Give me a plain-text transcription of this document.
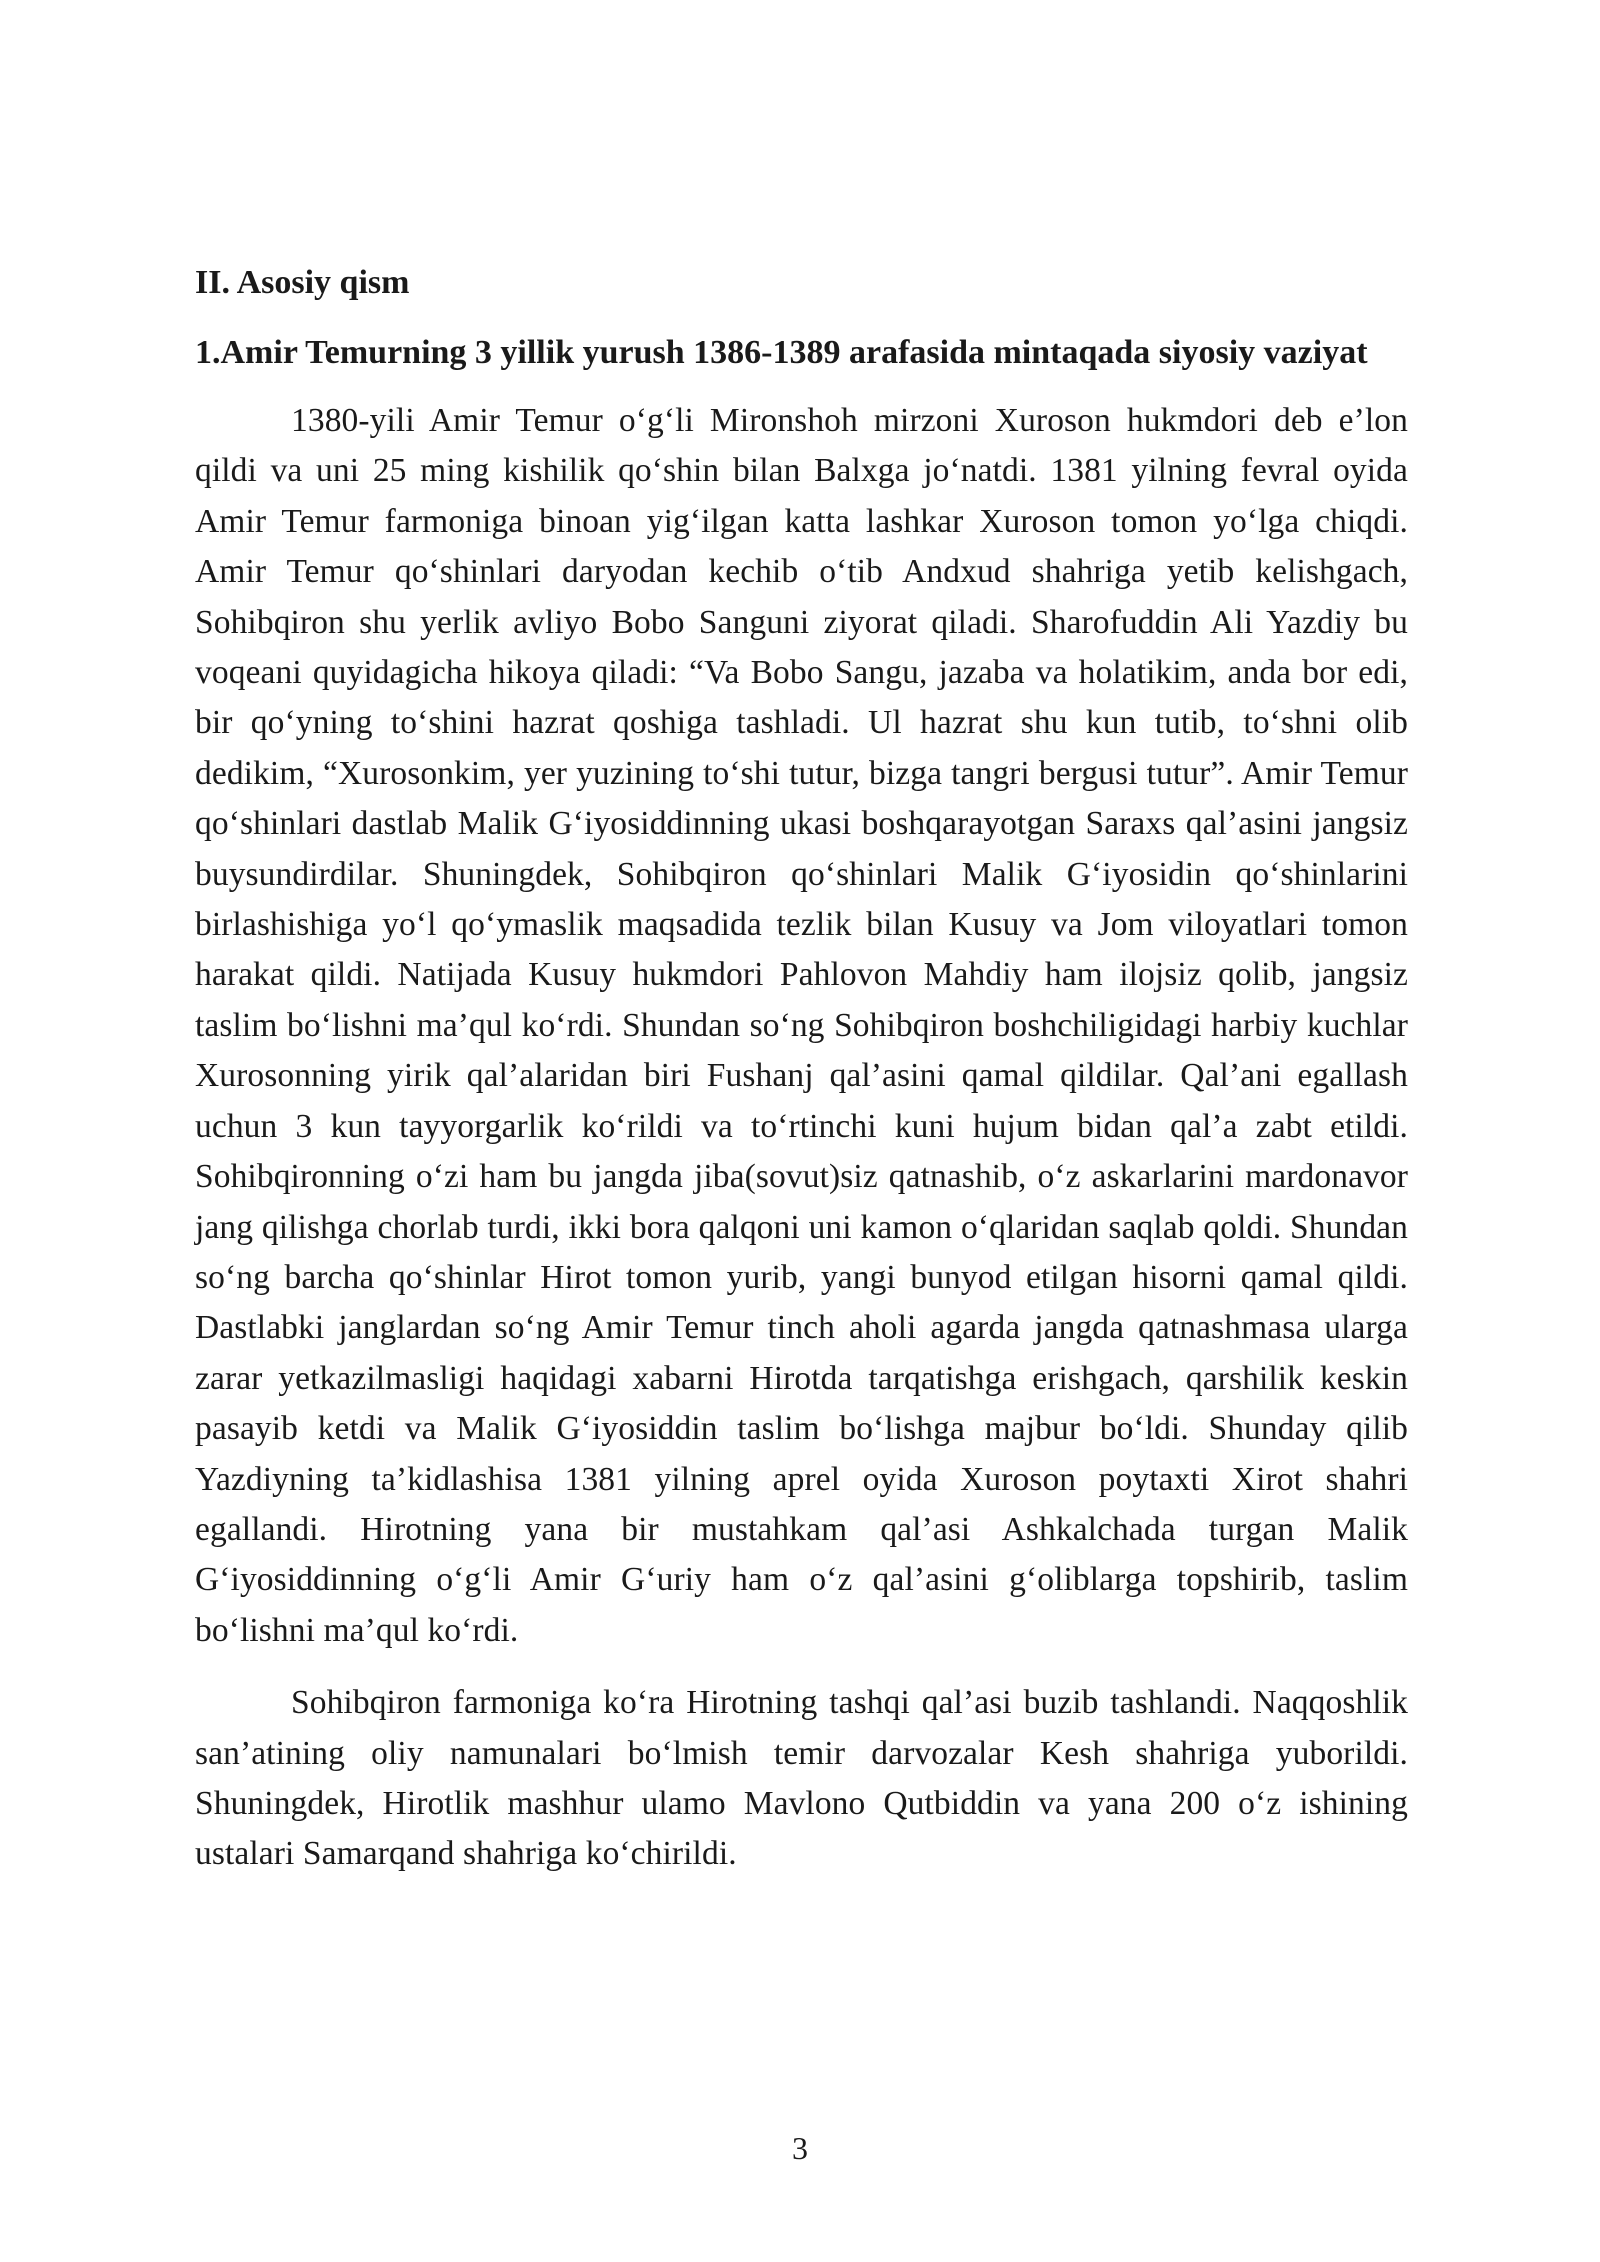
II. Asosiy qism
1.Amir Temurning 3 yillik yurush 1386-1389 arafasida mintaqada siyosiy vaziyat

1380-yili Amir Temur o‘g‘li Mironshoh mirzoni Xuroson hukmdori deb e’lon qildi va uni 25 ming kishilik qo‘shin bilan Balxga jo‘natdi. 1381 yilning fevral oyida Amir Temur farmoniga binoan yig‘ilgan katta lashkar Xuroson tomon yo‘lga chiqdi. Amir Temur qo‘shinlari daryodan kechib o‘tib Andxud shahriga yetib kelishgach, Sohibqiron shu yerlik avliyo Bobo Sanguni ziyorat qiladi. Sharofuddin Ali Yazdiy bu voqeani quyidagicha hikoya qiladi: “Va Bobo Sangu, jazaba va holatikim, anda bor edi, bir qo‘yning to‘shini hazrat qoshiga tashladi. Ul hazrat shu kun tutib, to‘shni olib dedikim, “Xurosonkim, yer yuzining to‘shi tutur, bizga tangri bergusi tutur”. Amir Temur qo‘shinlari dastlab Malik G‘iyosiddinning ukasi boshqarayotgan Saraxs qal’asini jangsiz buysundirdilar. Shuningdek, Sohibqiron qo‘shinlari Malik G‘iyosidin qo‘shinlarini birlashishiga yo‘l qo‘ymaslik maqsadida tezlik bilan Kusuy va Jom viloyatlari tomon harakat qildi. Natijada Kusuy hukmdori Pahlovon Mahdiy ham ilojsiz qolib, jangsiz taslim bo‘lishni ma’qul ko‘rdi. Shundan so‘ng Sohibqiron boshchiligidagi harbiy kuchlar Xurosonning yirik qal’alaridan biri Fushanj qal’asini qamal qildilar. Qal’ani egallash uchun 3 kun tayyorgarlik ko‘rildi va to‘rtinchi kuni hujum bidan qal’a zabt etildi. Sohibqironning o‘zi ham bu jangda jiba(sovut)siz qatnashib, o‘z askarlarini mardonavor jang qilishga chorlab turdi, ikki bora qalqoni uni kamon o‘qlaridan saqlab qoldi. Shundan so‘ng barcha qo‘shinlar Hirot tomon yurib, yangi bunyod etilgan hisorni qamal qildi. Dastlabki janglardan so‘ng Amir Temur tinch aholi agarda jangda qatnashmasa ularga zarar yetkazilmasligi haqidagi xabarni Hirotda tarqatishga erishgach, qarshilik keskin pasayib ketdi va Malik G‘iyosiddin taslim bo‘lishga majbur bo‘ldi. Shunday qilib Yazdiyning ta’kidlashisa 1381 yilning aprel oyida Xuroson poytaxti Xirot shahri egallandi. Hirotning yana bir mustahkam qal’asi Ashkalchada turgan Malik G‘iyosiddinning o‘g‘li Amir G‘uriy ham o‘z qal’asini g‘oliblarga topshirib, taslim bo‘lishni ma’qul ko‘rdi.

Sohibqiron farmoniga ko‘ra Hirotning tashqi qal’asi buzib tashlandi. Naqqoshlik san’atining oliy namunalari bo‘lmish temir darvozalar Kesh shahriga yuborildi. Shuningdek, Hirotlik mashhur ulamo Mavlono Qutbiddin va yana 200 o‘z ishining ustalari Samarqand shahriga ko‘chirildi.

3
